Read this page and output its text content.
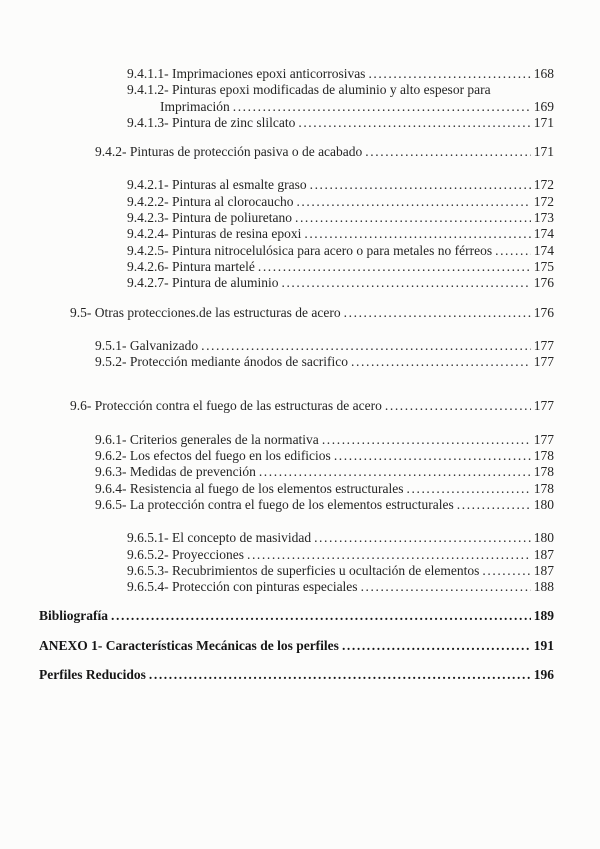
9.4.1.1- Imprimaciones epoxi anticorrosivas .....	168
9.4.1.2- Pinturas epoxi modificadas de aluminio y alto espesor para
Imprimación .....	169
9.4.1.3- Pintura de zinc slilcato .....	171
9.4.2- Pinturas de protección pasiva o de acabado .....	171
9.4.2.1- Pinturas al esmalte graso .....	172
9.4.2.2- Pintura al clorocaucho .....	172
9.4.2.3- Pintura de poliuretano .....	173
9.4.2.4- Pinturas de resina epoxi .....	174
9.4.2.5- Pintura nitrocelulósica para acero o para metales no férreos .....	174
9.4.2.6- Pintura martelé .....	175
9.4.2.7- Pintura de aluminio .....	176
9.5- Otras protecciones.de las estructuras de acero .....	176
9.5.1- Galvanizado .....	177
9.5.2- Protección mediante ánodos de sacrifico .....	177
9.6- Protección contra el fuego de las estructuras de acero .....	177
9.6.1- Criterios generales de la normativa .....	177
9.6.2- Los efectos del fuego en los edificios .....	178
9.6.3- Medidas de prevención .....	178
9.6.4- Resistencia al fuego de los elementos estructurales .....	178
9.6.5- La protección contra el fuego de los elementos estructurales .....	180
9.6.5.1- El concepto de masividad .....	180
9.6.5.2- Proyecciones .....	187
9.6.5.3- Recubrimientos de superficies u ocultación de elementos .....	187
9.6.5.4- Protección con pinturas especiales .....	188
Bibliografía .....	189
ANEXO 1- Características Mecánicas de los perfiles .....	191
Perfiles Reducidos .....	196
